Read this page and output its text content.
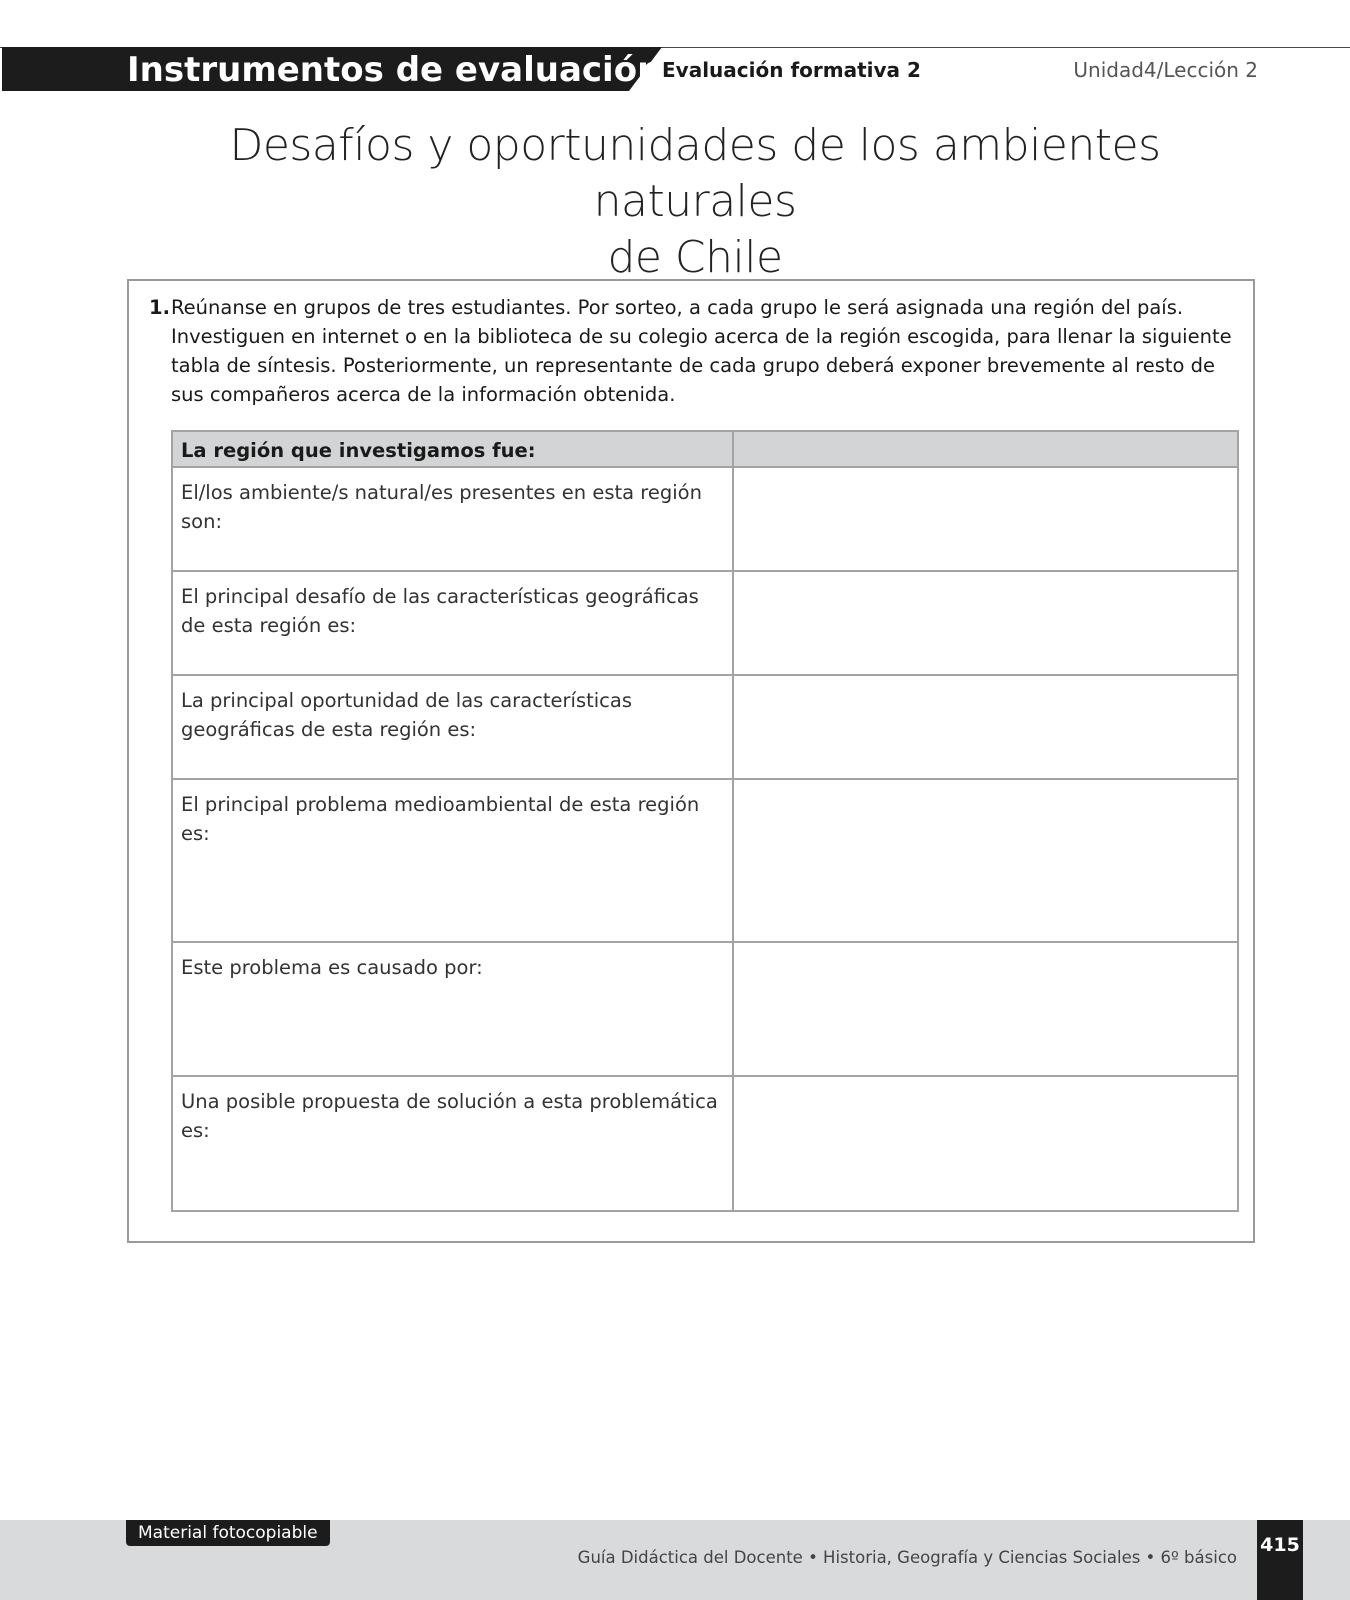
Instrumentos de evaluación Evaluación formativa 2	Unidad4/Lección 2
Desafíos y oportunidades de los ambientes naturales
de Chile
1. Reúnanse en grupos de tres estudiantes. Por sorteo, a cada grupo le será asignada una región del país. Investiguen en internet o en la biblioteca de su colegio acerca de la región escogida, para llenar la siguiente tabla de síntesis. Posteriormente, un representante de cada grupo deberá exponer brevemente al resto de sus compañeros acerca de la información obtenida.
La región que investigamos fue:	
El/los ambiente/s natural/es presentes en esta región son:	
El principal desafío de las características geográficas de esta región es:	
La principal oportunidad de las características geográficas de esta región es:	
El principal problema medioambiental de esta región es:	
Este problema es causado por:	
Una posible propuesta de solución a esta problemática es:	
Material fotocopiable
Guía Didáctica del Docente • Historia, Geografía y Ciencias Sociales • 6º básico
415
